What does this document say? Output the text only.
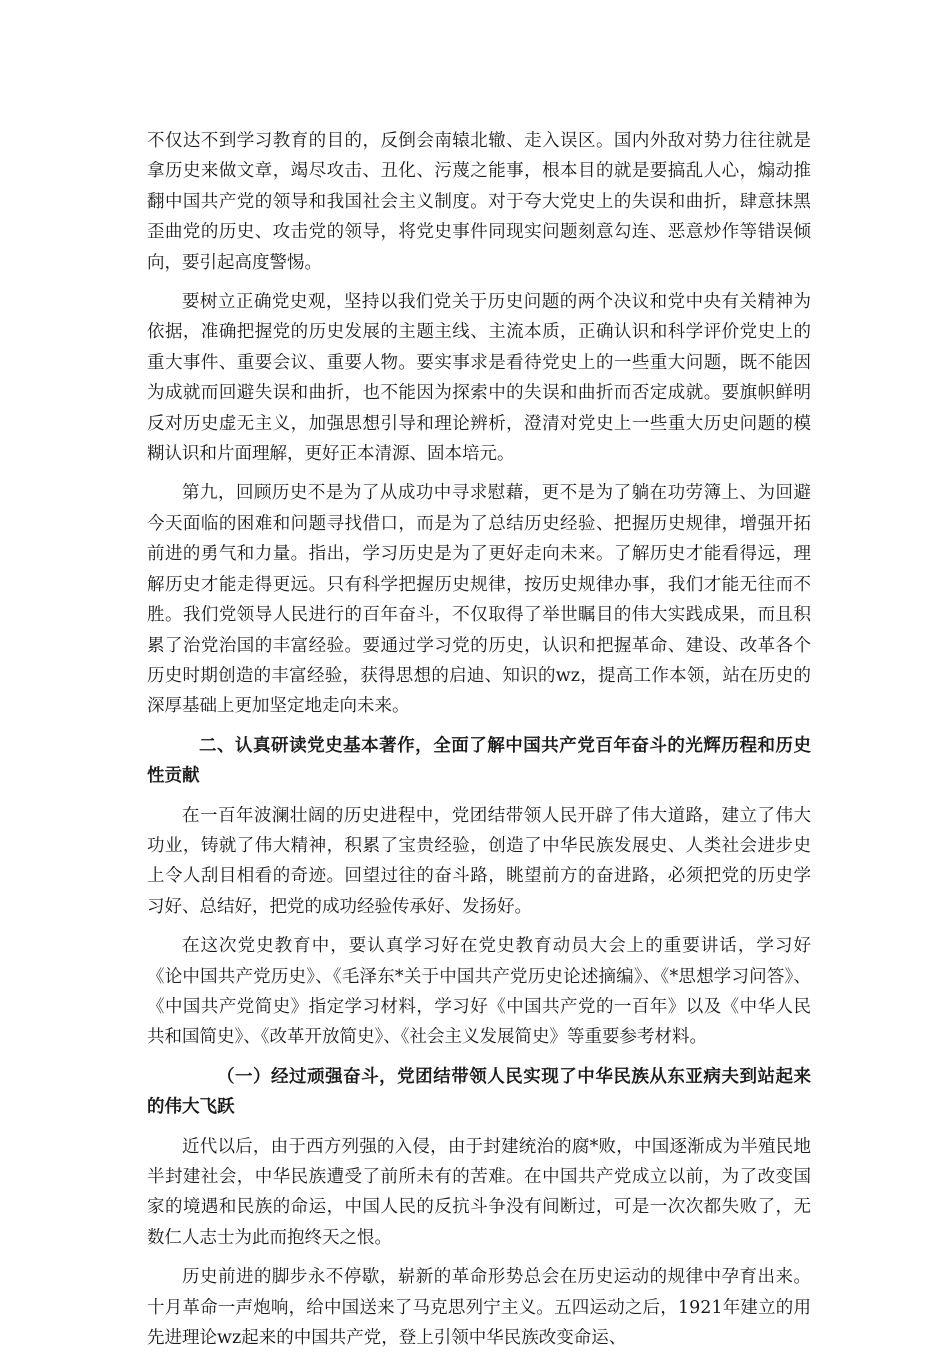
不仅达不到学习教育的目的，反倒会南辕北辙、走入误区。国内外敌对势力往往就是拿历史来做文章，竭尽攻击、丑化、污蔑之能事，根本目的就是要搞乱人心，煽动推翻中国共产党的领导和我国社会主义制度。对于夸大党史上的失误和曲折，肆意抹黑歪曲党的历史、攻击党的领导，将党史事件同现实问题刻意勾连、恶意炒作等错误倾向，要引起高度警惕。

要树立正确党史观，坚持以我们党关于历史问题的两个决议和党中央有关精神为依据，准确把握党的历史发展的主题主线、主流本质，正确认识和科学评价党史上的重大事件、重要会议、重要人物。要实事求是看待党史上的一些重大问题，既不能因为成就而回避失误和曲折，也不能因为探索中的失误和曲折而否定成就。要旗帜鲜明反对历史虚无主义，加强思想引导和理论辨析，澄清对党史上一些重大历史问题的模糊认识和片面理解，更好正本清源、固本培元。

第九，回顾历史不是为了从成功中寻求慰藉，更不是为了躺在功劳簿上、为回避今天面临的困难和问题寻找借口，而是为了总结历史经验、把握历史规律，增强开拓前进的勇气和力量。指出，学习历史是为了更好走向未来。了解历史才能看得远，理解历史才能走得更远。只有科学把握历史规律，按历史规律办事，我们才能无往而不胜。我们党领导人民进行的百年奋斗，不仅取得了举世瞩目的伟大实践成果，而且积累了治党治国的丰富经验。要通过学习党的历史，认识和把握革命、建设、改革各个历史时期创造的丰富经验，获得思想的启迪、知识的wz，提高工作本领，站在历史的深厚基础上更加坚定地走向未来。

二、认真研读党史基本著作，全面了解中国共产党百年奋斗的光辉历程和历史性贡献

在一百年波澜壮阔的历史进程中，党团结带领人民开辟了伟大道路，建立了伟大功业，铸就了伟大精神，积累了宝贵经验，创造了中华民族发展史、人类社会进步史上令人刮目相看的奇迹。回望过往的奋斗路，眺望前方的奋进路，必须把党的历史学习好、总结好，把党的成功经验传承好、发扬好。

在这次党史教育中，要认真学习好在党史教育动员大会上的重要讲话，学习好《论中国共产党历史》、《毛泽东*关于中国共产党历史论述摘编》、《*思想学习问答》、《中国共产党简史》指定学习材料，学习好《中国共产党的一百年》以及《中华人民共和国简史》、《改革开放简史》、《社会主义发展简史》等重要参考材料。

（一）经过顽强奋斗，党团结带领人民实现了中华民族从东亚病夫到站起来的伟大飞跃

近代以后，由于西方列强的入侵，由于封建统治的腐*败，中国逐渐成为半殖民地半封建社会，中华民族遭受了前所未有的苦难。在中国共产党成立以前，为了改变国家的境遇和民族的命运，中国人民的反抗斗争没有间断过，可是一次次都失败了，无数仁人志士为此而抱终天之恨。

历史前进的脚步永不停歇，崭新的革命形势总会在历史运动的规律中孕育出来。十月革命一声炮响，给中国送来了马克思列宁主义。五四运动之后，1921年建立的用先进理论wz起来的中国共产党，登上引领中华民族改变命运、
